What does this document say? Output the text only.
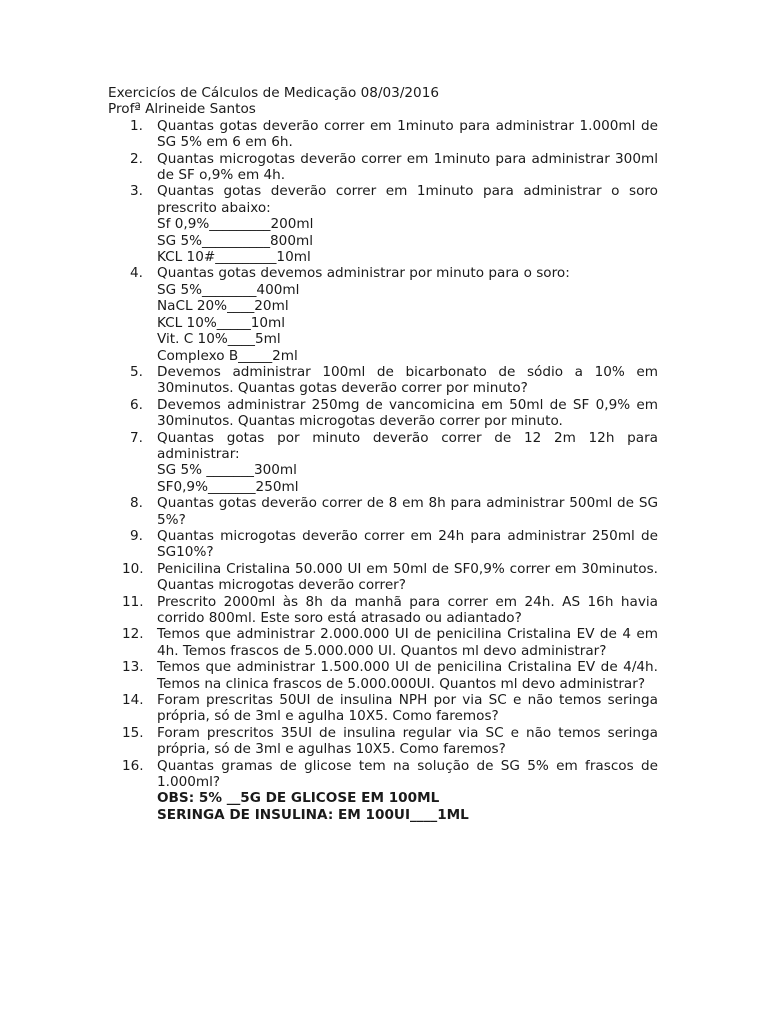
Exercicíos de Cálculos de Medicação 08/03/2016
Profª Alrineide Santos
1.	Quantas gotas deverão correr em 1minuto para administrar 1.000ml de SG 5% em 6 em 6h.
2.	Quantas microgotas deverão correr em 1minuto para administrar 300ml de SF o,9% em 4h.
3.	Quantas gotas deverão correr em 1minuto para administrar o soro prescrito abaixo:
Sf 0,9%_________200ml
SG 5%__________800ml
KCL 10#_________10ml
4.	Quantas gotas devemos administrar por minuto para o soro:
SG 5%________400ml
NaCL 20%____20ml
KCL 10%_____10ml
Vit. C 10%____5ml
Complexo B_____2ml
5.	Devemos administrar 100ml de bicarbonato de sódio a 10% em 30minutos. Quantas gotas deverão correr por minuto?
6.	Devemos administrar 250mg de vancomicina em 50ml de SF 0,9% em 30minutos. Quantas microgotas deverão correr por minuto.
7.	Quantas gotas por minuto deverão correr de 12 2m 12h para administrar:
SG 5% _______300ml
SF0,9%_______250ml
8.	Quantas gotas deverão correr de 8 em 8h para administrar 500ml de SG 5%?
9.	Quantas microgotas deverão correr em 24h para administrar 250ml de SG10%?
10. Penicilina Cristalina 50.000 UI em 50ml de SF0,9% correr em 30minutos. Quantas microgotas deverão correr?
11. Prescrito 2000ml às 8h da manhã para correr em 24h. AS 16h havia corrido 800ml. Este soro está atrasado ou adiantado?
12. Temos que administrar 2.000.000 UI de penicilina Cristalina EV de 4 em 4h. Temos frascos de 5.000.000 UI. Quantos ml devo administrar?
13. Temos que administrar 1.500.000 UI de penicilina Cristalina EV de 4/4h. Temos na clinica frascos de 5.000.000UI. Quantos ml devo administrar?
14. Foram prescritas 50UI de insulina NPH por via SC e não temos seringa própria, só de 3ml e agulha 10X5. Como faremos?
15. Foram prescritos 35UI de insulina regular via SC e não temos seringa própria, só de 3ml e agulhas 10X5. Como faremos?
16. Quantas gramas de glicose tem na solução de SG 5% em frascos de 1.000ml?
OBS: 5% __5G DE GLICOSE EM 100ML
SERINGA DE INSULINA: EM 100UI____1ML
